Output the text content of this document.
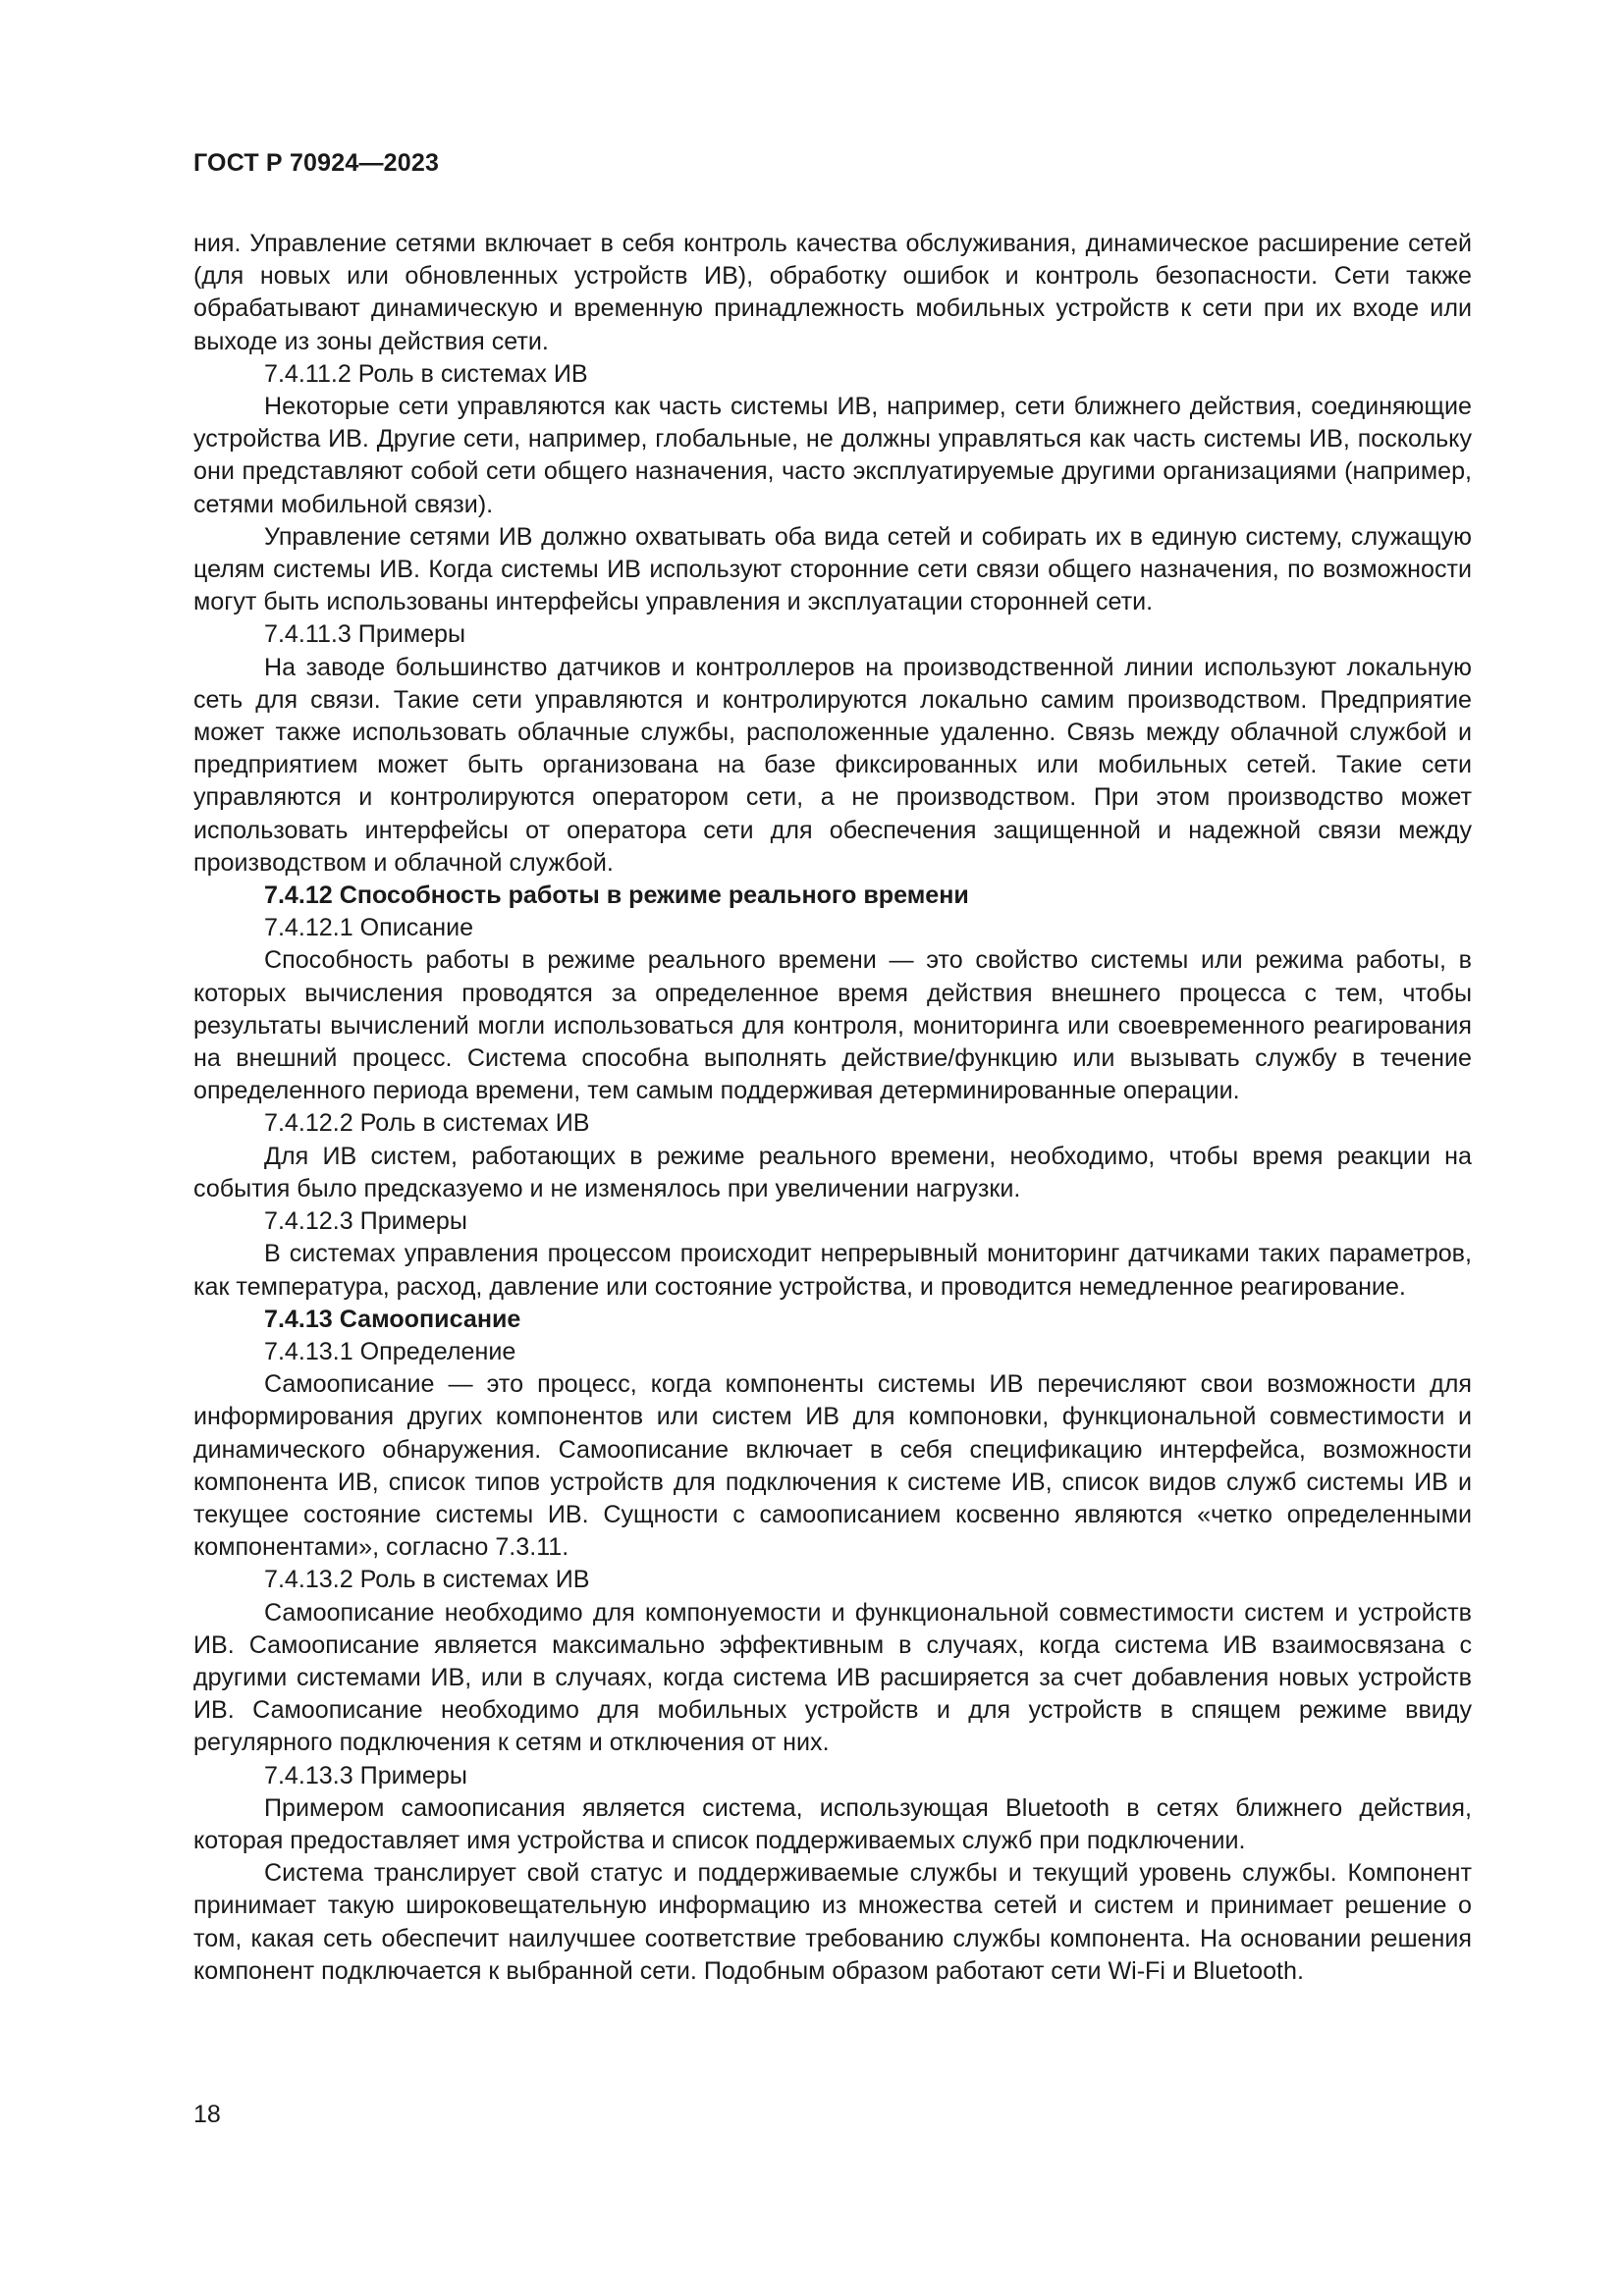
ГОСТ Р 70924—2023

ния. Управление сетями включает в себя контроль качества обслуживания, динамическое расширение сетей (для новых или обновленных устройств ИВ), обработку ошибок и контроль безопасности. Сети также обрабатывают динамическую и временную принадлежность мобильных устройств к сети при их входе или выходе из зоны действия сети.

7.4.11.2 Роль в системах ИВ

Некоторые сети управляются как часть системы ИВ, например, сети ближнего действия, соединяющие устройства ИВ. Другие сети, например, глобальные, не должны управляться как часть системы ИВ, поскольку они представляют собой сети общего назначения, часто эксплуатируемые другими организациями (например, сетями мобильной связи).

Управление сетями ИВ должно охватывать оба вида сетей и собирать их в единую систему, служащую целям системы ИВ. Когда системы ИВ используют сторонние сети связи общего назначения, по возможности могут быть использованы интерфейсы управления и эксплуатации сторонней сети.

7.4.11.3 Примеры

На заводе большинство датчиков и контроллеров на производственной линии используют локальную сеть для связи. Такие сети управляются и контролируются локально самим производством. Предприятие может также использовать облачные службы, расположенные удаленно. Связь между облачной службой и предприятием может быть организована на базе фиксированных или мобильных сетей. Такие сети управляются и контролируются оператором сети, а не производством. При этом производство может использовать интерфейсы от оператора сети для обеспечения защищенной и надежной связи между производством и облачной службой.

7.4.12 Способность работы в режиме реального времени

7.4.12.1 Описание

Способность работы в режиме реального времени — это свойство системы или режима работы, в которых вычисления проводятся за определенное время действия внешнего процесса с тем, чтобы результаты вычислений могли использоваться для контроля, мониторинга или своевременного реагирования на внешний процесс. Система способна выполнять действие/функцию или вызывать службу в течение определенного периода времени, тем самым поддерживая детерминированные операции.

7.4.12.2 Роль в системах ИВ

Для ИВ систем, работающих в режиме реального времени, необходимо, чтобы время реакции на события было предсказуемо и не изменялось при увеличении нагрузки.

7.4.12.3 Примеры

В системах управления процессом происходит непрерывный мониторинг датчиками таких параметров, как температура, расход, давление или состояние устройства, и проводится немедленное реагирование.

7.4.13 Самоописание

7.4.13.1 Определение

Самоописание — это процесс, когда компоненты системы ИВ перечисляют свои возможности для информирования других компонентов или систем ИВ для компоновки, функциональной совместимости и динамического обнаружения. Самоописание включает в себя спецификацию интерфейса, возможности компонента ИВ, список типов устройств для подключения к системе ИВ, список видов служб системы ИВ и текущее состояние системы ИВ. Сущности с самоописанием косвенно являются «четко определенными компонентами», согласно 7.3.11.

7.4.13.2 Роль в системах ИВ

Самоописание необходимо для компонуемости и функциональной совместимости систем и устройств ИВ. Самоописание является максимально эффективным в случаях, когда система ИВ взаимосвязана с другими системами ИВ, или в случаях, когда система ИВ расширяется за счет добавления новых устройств ИВ. Самоописание необходимо для мобильных устройств и для устройств в спящем режиме ввиду регулярного подключения к сетям и отключения от них.

7.4.13.3 Примеры

Примером самоописания является система, использующая Bluetooth в сетях ближнего действия, которая предоставляет имя устройства и список поддерживаемых служб при подключении.

Система транслирует свой статус и поддерживаемые службы и текущий уровень службы. Компонент принимает такую широковещательную информацию из множества сетей и систем и принимает решение о том, какая сеть обеспечит наилучшее соответствие требованию службы компонента. На основании решения компонент подключается к выбранной сети. Подобным образом работают сети Wi-Fi и Bluetooth.

18
